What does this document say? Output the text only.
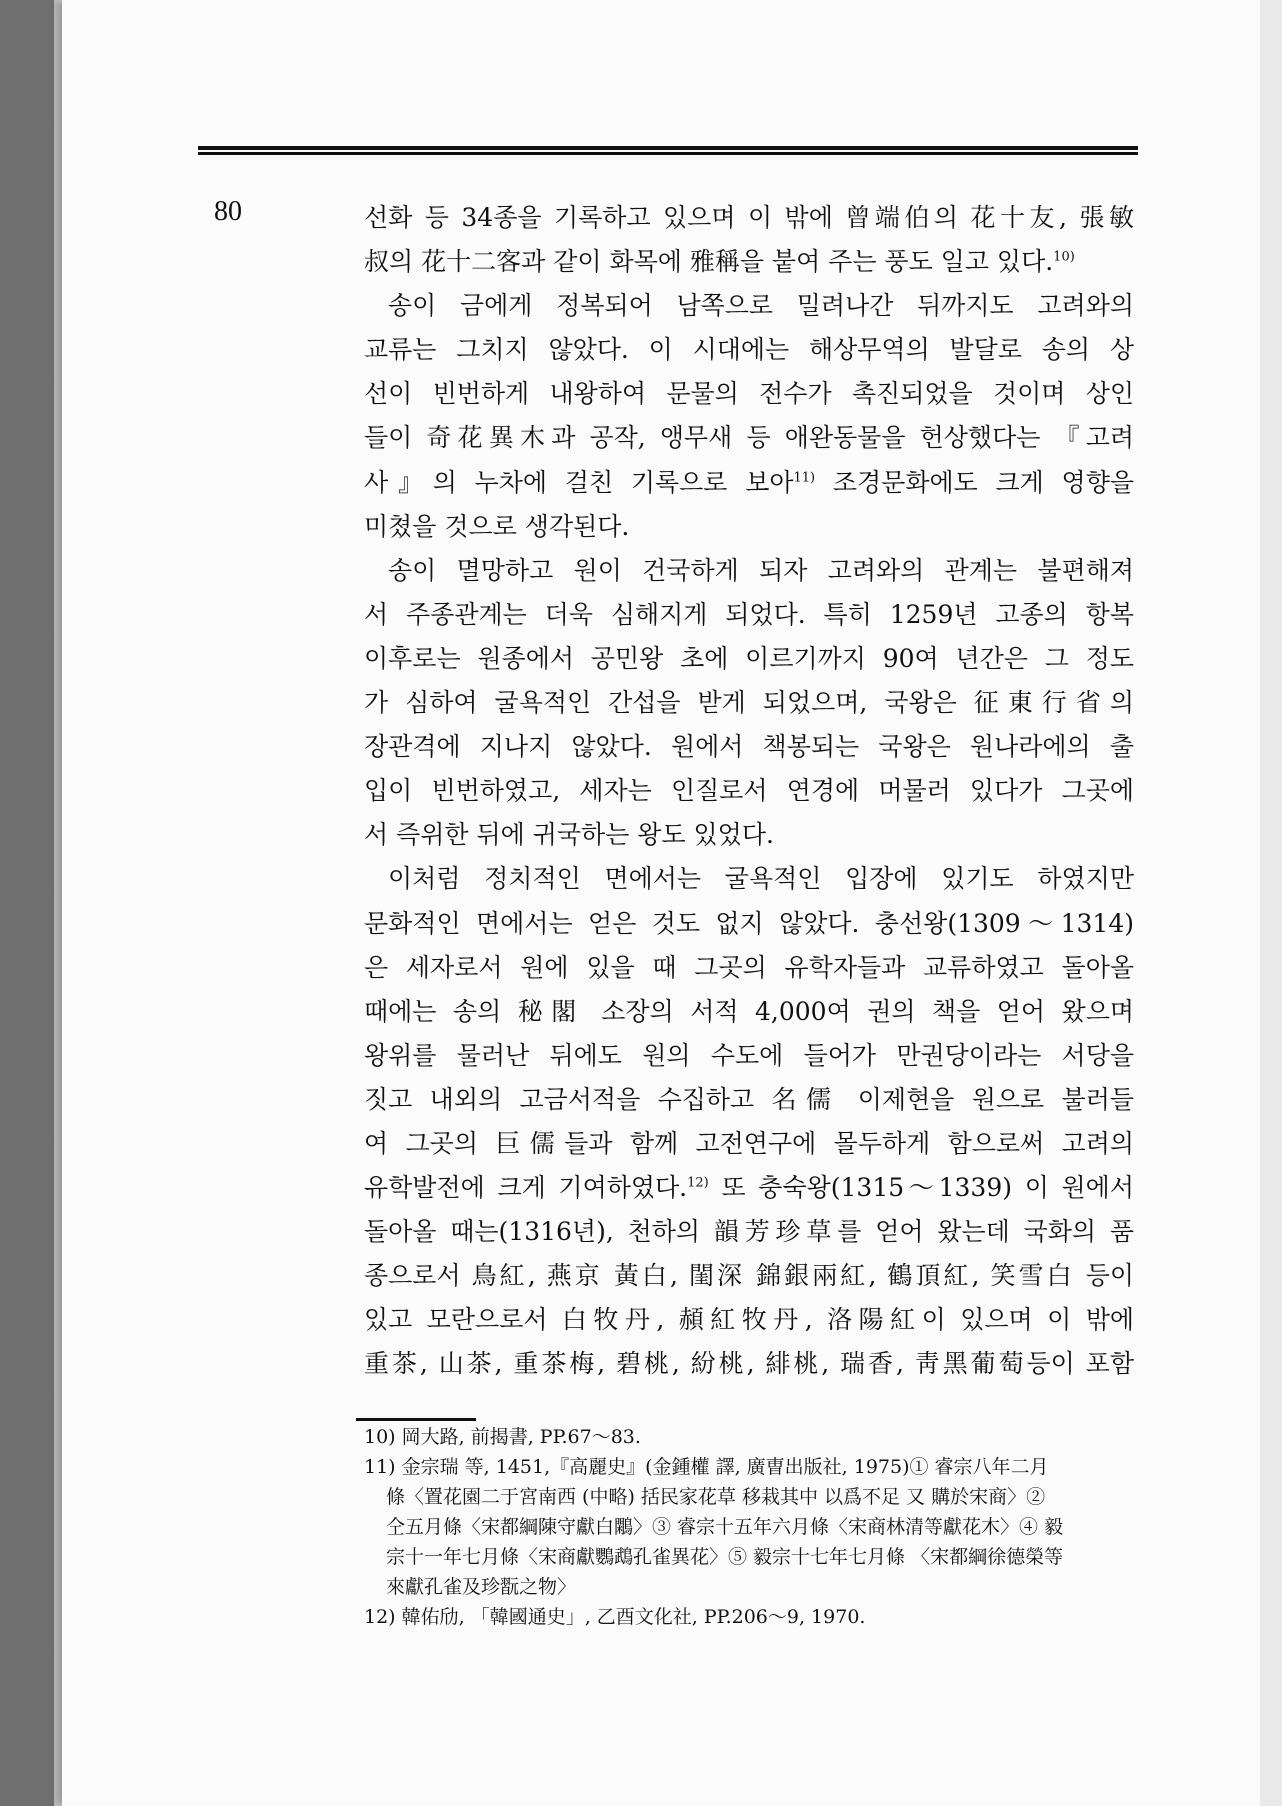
80	선화 등 34종을 기록하고 있으며 이 밖에 曾端伯의 花十友, 張敏
叔의 花十二客과 같이 화목에 雅稱을 붙여 주는 풍도 일고 있다.$^{10)}$
송이 금에게 정복되어 남쪽으로 밀려나간 뒤까지도 고려와의
교류는 그치지 않았다. 이 시대에는 해상무역의 발달로 송의 상
선이 빈번하게 내왕하여 문물의 전수가 촉진되었을 것이며 상인
들이 奇花異木과 공작, 앵무새 등 애완동물을 헌상했다는 『고려
사』의 누차에 걸친 기록으로 보아$^{11)}$ 조경문화에도 크게 영향을
미쳤을 것으로 생각된다.
송이 멸망하고 원이 건국하게 되자 고려와의 관계는 불편해져
서 주종관계는 더욱 심해지게 되었다. 특히 1259년 고종의 항복
이후로는 원종에서 공민왕 초에 이르기까지 90여 년간은 그 정도
가 심하여 굴욕적인 간섭을 받게 되었으며, 국왕은 征東行省의
장관격에 지나지 않았다. 원에서 책봉되는 국왕은 원나라에의 출
입이 빈번하였고, 세자는 인질로서 연경에 머물러 있다가 그곳에
서 즉위한 뒤에 귀국하는 왕도 있었다.
이처럼 정치적인 면에서는 굴욕적인 입장에 있기도 하였지만
문화적인 면에서는 얻은 것도 없지 않았다. 충선왕(1309～1314)
은 세자로서 원에 있을 때 그곳의 유학자들과 교류하였고 돌아올
때에는 송의 秘閣 소장의 서적 4,000여 권의 책을 얻어 왔으며
왕위를 물러난 뒤에도 원의 수도에 들어가 만권당이라는 서당을
짓고 내외의 고금서적을 수집하고 名儒 이제현을 원으로 불러들
여 그곳의 巨儒들과 함께 고전연구에 몰두하게 함으로써 고려의
유학발전에 크게 기여하였다.$^{12)}$ 또 충숙왕(1315～1339) 이 원에서
돌아올 때는(1316년), 천하의 韻芳珍草를 얻어 왔는데 국화의 품
종으로서 鳥紅, 燕京 黃白, 閨深 錦銀兩紅, 鶴頂紅, 笑雪白 등이
있고 모란으로서 白牧丹, 頳紅牧丹, 洛陽紅이 있으며 이 밖에
重茶, 山茶, 重茶梅, 碧桃, 紛桃, 緋桃, 瑞香, 靑黑葡萄등이 포함
10) 岡大路, 前揭書, PP.67～83.
11) 金宗瑞 等, 1451,『高麗史』(金鍾權 譯, 廣曺出版社, 1975)① 睿宗八年二月
條〈置花園二于宮南西 (中略) 括民家花草 移栽其中 以爲不足 又 購於宋商〉②
仝五月條〈宋都綱陳守獻白鷴〉③ 睿宗十五年六月條〈宋商林清等獻花木〉④ 毅
宗十一年七月條〈宋商獻鸚鵡孔雀異花〉⑤ 毅宗十七年七月條 〈宋都綱徐德榮等
來獻孔雀及珍翫之物〉
12) 韓佑劤, 「韓國通史」, 乙酉文化社, PP.206～9, 1970.
